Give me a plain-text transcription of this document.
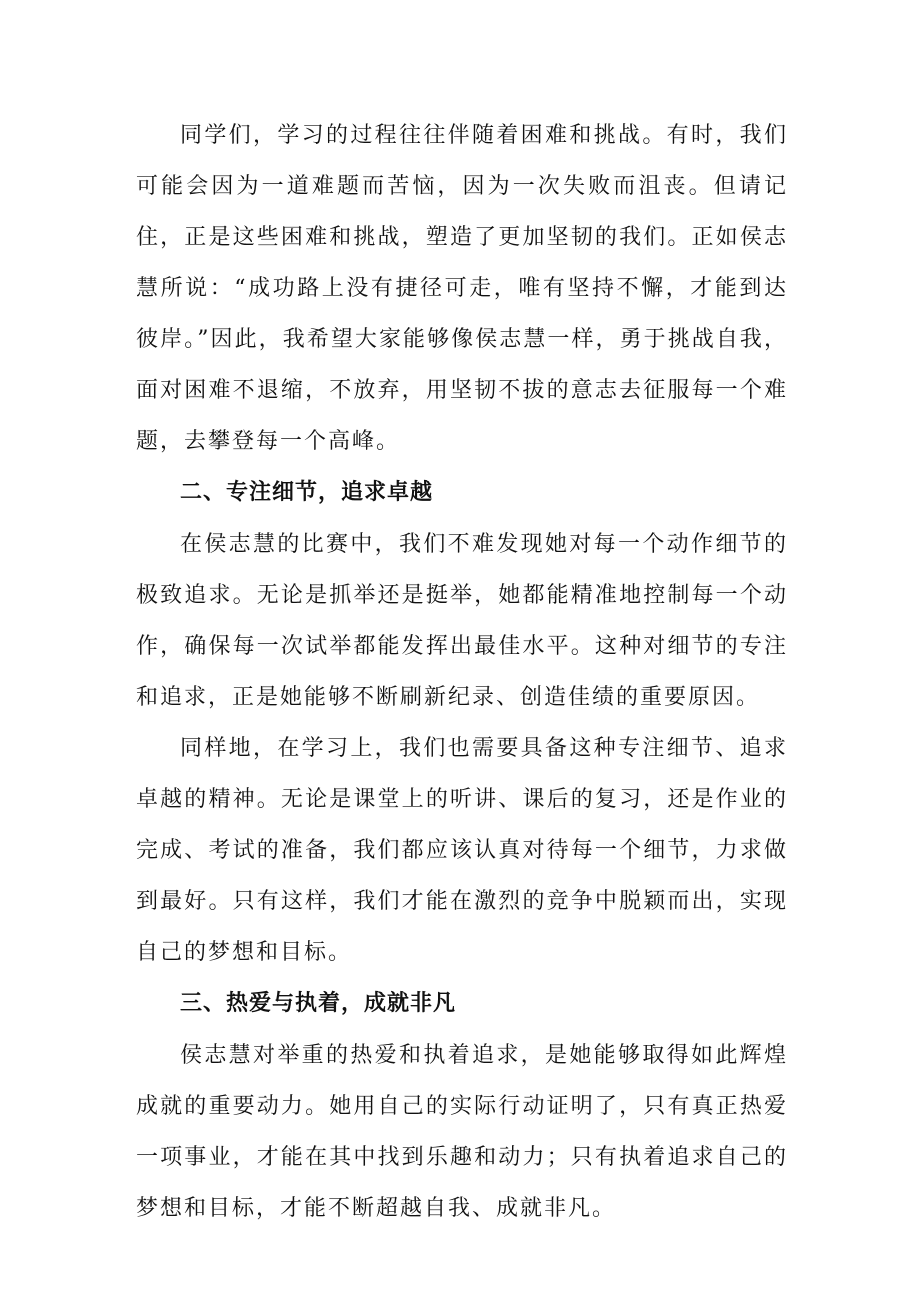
同学们，学习的过程往往伴随着困难和挑战。有时，我们可能会因为一道难题而苦恼，因为一次失败而沮丧。但请记住，正是这些困难和挑战，塑造了更加坚韧的我们。正如侯志慧所说：“成功路上没有捷径可走，唯有坚持不懈，才能到达彼岸。”因此，我希望大家能够像侯志慧一样，勇于挑战自我，面对困难不退缩，不放弃，用坚韧不拔的意志去征服每一个难题，去攀登每一个高峰。

二、专注细节，追求卓越

在侯志慧的比赛中，我们不难发现她对每一个动作细节的极致追求。无论是抓举还是挺举，她都能精准地控制每一个动作，确保每一次试举都能发挥出最佳水平。这种对细节的专注和追求，正是她能够不断刷新纪录、创造佳绩的重要原因。

同样地，在学习上，我们也需要具备这种专注细节、追求卓越的精神。无论是课堂上的听讲、课后的复习，还是作业的完成、考试的准备，我们都应该认真对待每一个细节，力求做到最好。只有这样，我们才能在激烈的竞争中脱颖而出，实现自己的梦想和目标。

三、热爱与执着，成就非凡

侯志慧对举重的热爱和执着追求，是她能够取得如此辉煌成就的重要动力。她用自己的实际行动证明了，只有真正热爱一项事业，才能在其中找到乐趣和动力；只有执着追求自己的梦想和目标，才能不断超越自我、成就非凡。
